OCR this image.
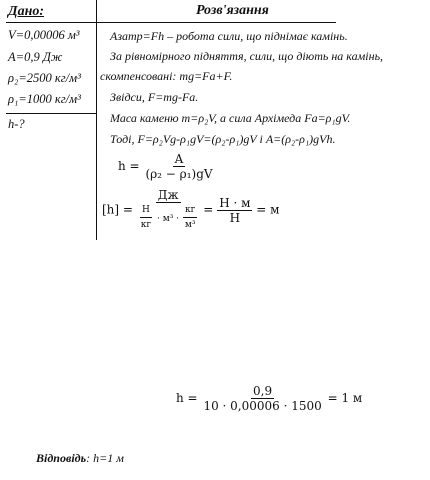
Дано:
V=0,00006 м³
A=0,9 Дж
ρ₂=2500 кг/м³
ρ₁=1000 кг/м³
h-?
Розв'язання
Aзатр=Fh – робота сили, що піднімає камінь.
За рівномірного підняття, сили, що діють на камінь,
скомпенсовані: mg=Fa+F.
Звідси, F=mg-Fa.
Маса каменю m=ρ₂V, а сила Архімеда Fa=ρ₁gV.
Тоді, F=ρ₂Vg-ρ₁gV=(ρ₂-ρ₁)gV і A=(ρ₂-ρ₁)gVh.
$h = \frac{A}{\text{(ρ₂ − ρ₁)gV}}$
[h] =
Дж
$\frac{Н}{кг} \cdot м^3 \cdot \frac{кг}{\text{м³}} = \frac{Н \cdot м}{Н} = м$
$h = \frac{0,9}{10 \cdot 0,00006 \cdot 1500} = 1$ м
Відповідь: h=1 м
